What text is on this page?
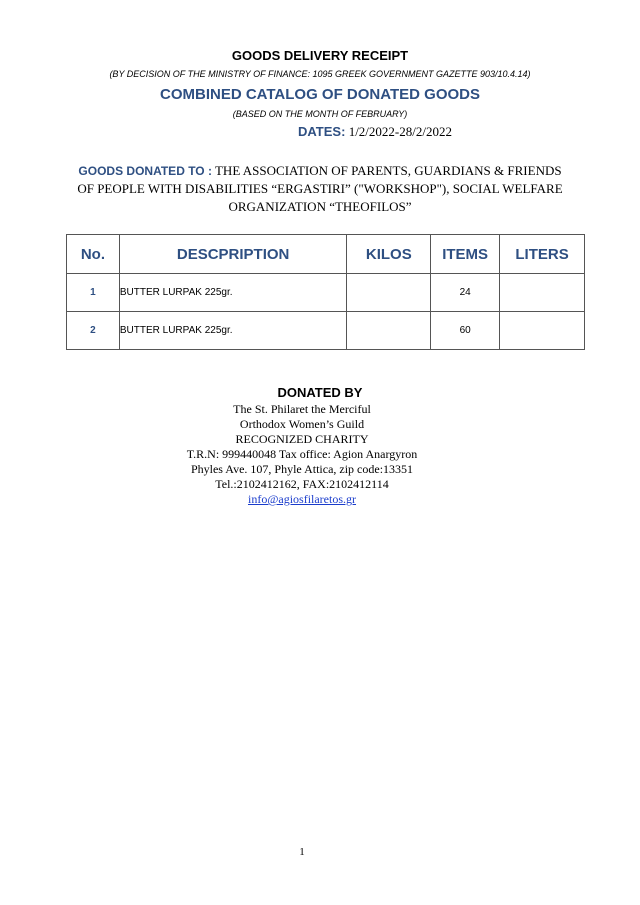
GOODS DELIVERY RECEIPT
(BY DECISION OF THE MINISTRY OF FINANCE: 1095 GREEK GOVERNMENT GAZETTE 903/10.4.14)
COMBINED CATALOG OF DONATED GOODS
(BASED ON THE MONTH OF FEBRUARY)
DATES: 1/2/2022-28/2/2022
GOODS DONATED TO : THE ASSOCIATION OF PARENTS, GUARDIANS & FRIENDS OF PEOPLE WITH DISABILITIES “ERGASTIRI” ("WORKSHOP"), SOCIAL WELFARE ORGANIZATION “THEOFILOS”
No.	DESCPRIPTION	KILOS	ITEMS	LITERS
1	BUTTER LURPAK 225gr.		24	
2	BUTTER LURPAK 225gr.		60	
DONATED BY
The St. Philaret the Merciful
Orthodox Women’s Guild
RECOGNIZED CHARITY
T.R.N: 999440048 Tax office: Agion Anargyron
Phyles Ave. 107, Phyle Attica, zip code:13351
Tel.:2102412162, FAX:2102412114
info@agiosfilaretos.gr
1
